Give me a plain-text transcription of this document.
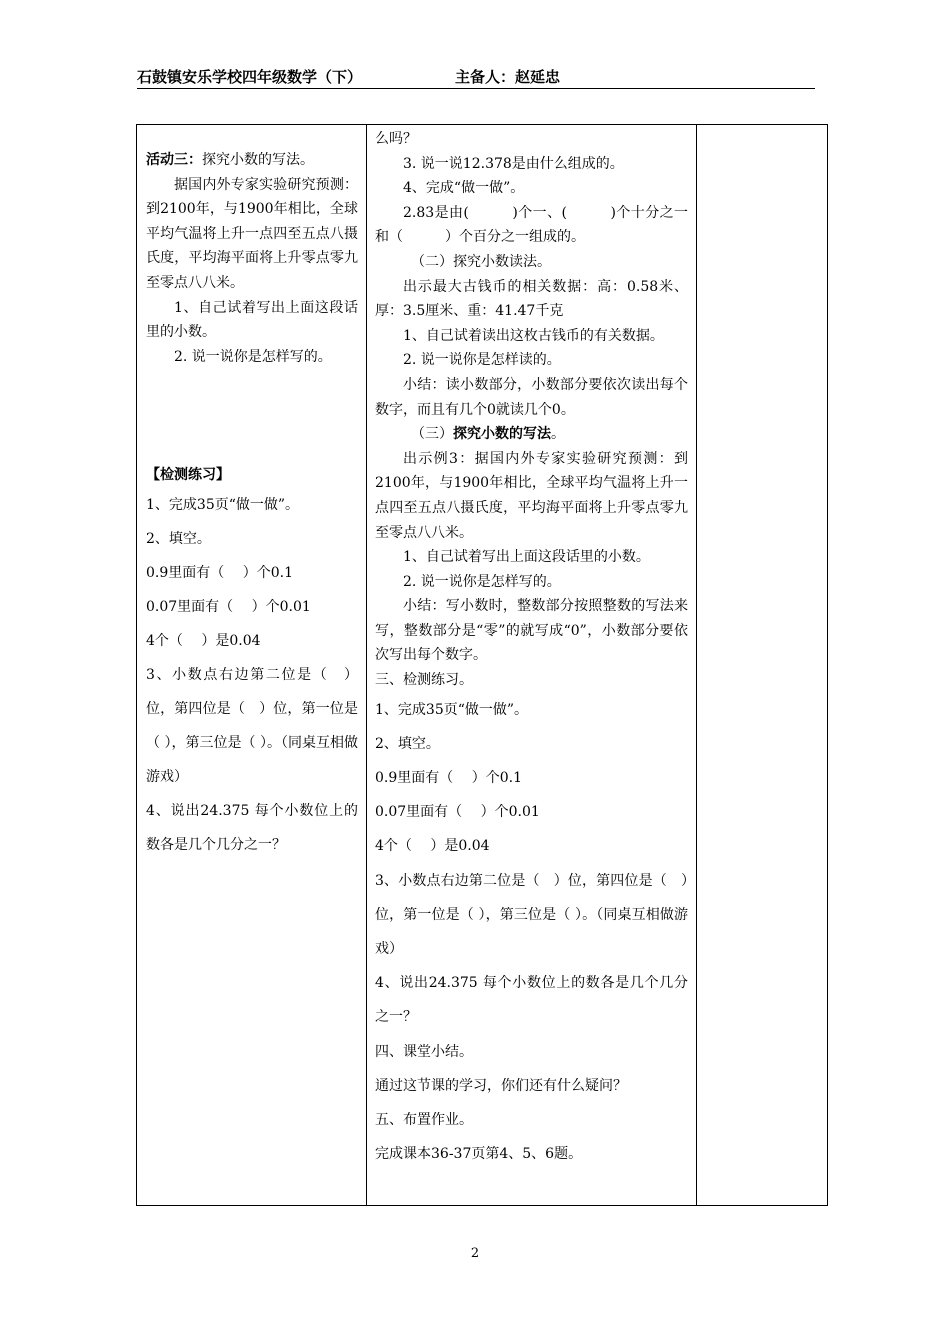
石鼓镇安乐学校四年级数学（下）	主备人：赵延忠

活动三：探究小数的写法。

据国内外专家实验研究预测：到2100年，与1900年相比，全球平均气温将上升一点四至五点八摄氏度，平均海平面将上升零点零九至零点八八米。

1、自己试着写出上面这段话里的小数。

2. 说一说你是怎样写的。

【检测练习】

1、完成35页“做一做”。

2、填空。

0.9里面有（　 ）个0.1

0.07里面有（　 ）个0.01

4个（　 ）是0.04

3、小数点右边第二位是（　）位，第四位是（　）位，第一位是（ ），第三位是（ ）。（同桌互相做游戏）

4、说出24.375 每个小数位上的数各是几个几分之一？

么吗？

3. 说一说12.378是由什么组成的。

4、完成“做一做”。

2.83是由(　　　)个一、(　　　)个十分之一和（　　　）个百分之一组成的。

（二）探究小数读法。

出示最大古钱币的相关数据：高：0.58米、厚：3.5厘米、重：41.47千克

1、自己试着读出这枚古钱币的有关数据。

2. 说一说你是怎样读的。

小结：读小数部分，小数部分要依次读出每个数字，而且有几个0就读几个0。

（三）探究小数的写法。

出示例3：据国内外专家实验研究预测：到2100年，与1900年相比，全球平均气温将上升一点四至五点八摄氏度，平均海平面将上升零点零九至零点八八米。

1、自己试着写出上面这段话里的小数。

2. 说一说你是怎样写的。

小结：写小数时，整数部分按照整数的写法来写，整数部分是“零”的就写成“0”，小数部分要依次写出每个数字。

三、检测练习。

1、完成35页“做一做”。

2、填空。

0.9里面有（　 ）个0.1

0.07里面有（　 ）个0.01

4个（　 ）是0.04

3、小数点右边第二位是（　）位，第四位是（　）位，第一位是（ ），第三位是（ ）。（同桌互相做游戏）

4、说出24.375 每个小数位上的数各是几个几分之一？

四、课堂小结。

通过这节课的学习，你们还有什么疑问？

五、布置作业。

完成课本36-37页第4、5、6题。

2
